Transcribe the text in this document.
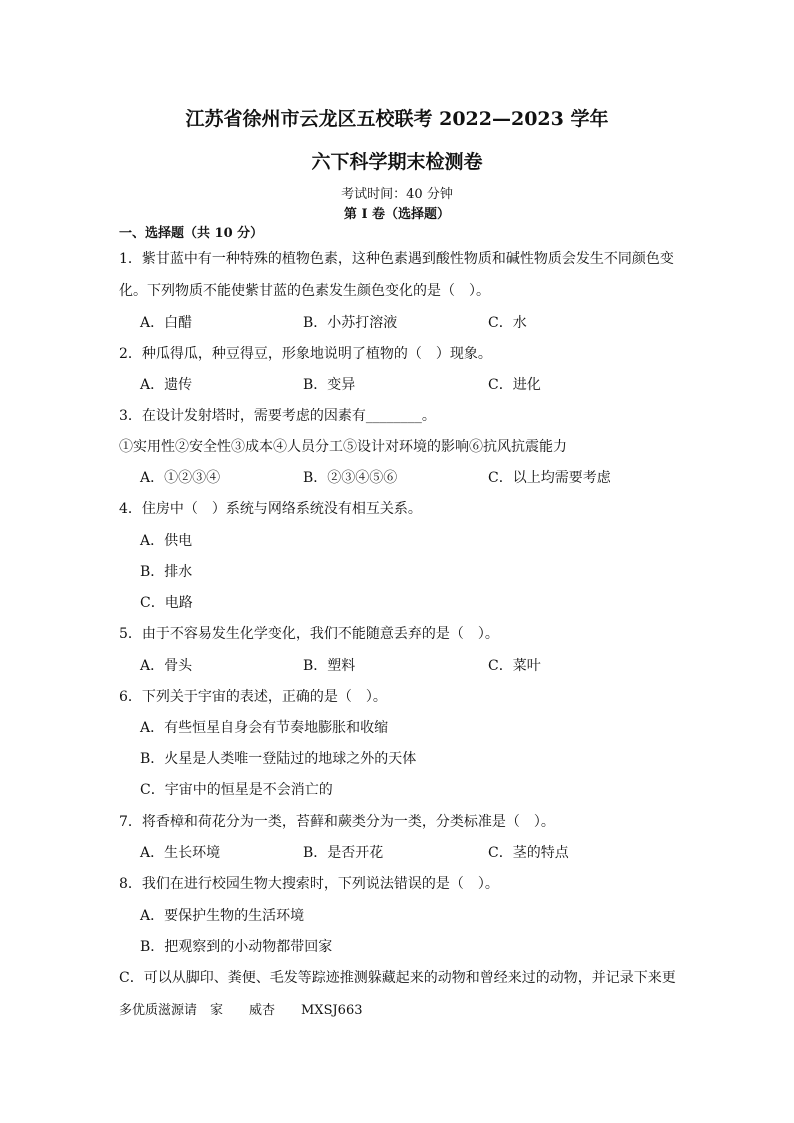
江苏省徐州市云龙区五校联考 2022—2023 学年
六下科学期末检测卷
考试时间：40 分钟
第 I 卷（选择题）
一、选择题（共 10 分）
1．紫甘蓝中有一种特殊的植物色素，这种色素遇到酸性物质和碱性物质会发生不同颜色变
化。下列物质不能使紫甘蓝的色素发生颜色变化的是（　）。
A．白醋	B．小苏打溶液	C．水
2．种瓜得瓜，种豆得豆，形象地说明了植物的（　）现象。
A．遗传	B．变异	C．进化
3．在设计发射塔时，需要考虑的因素有________。
①实用性②安全性③成本④人员分工⑤设计对环境的影响⑥抗风抗震能力
A．①②③④	B．②③④⑤⑥	C．以上均需要考虑
4．住房中（　）系统与网络系统没有相互关系。
A．供电
B．排水
C．电路
5．由于不容易发生化学变化，我们不能随意丢弃的是（　）。
A．骨头	B．塑料	C．菜叶
6．下列关于宇宙的表述，正确的是（　）。
A．有些恒星自身会有节奏地膨胀和收缩
B．火星是人类唯一登陆过的地球之外的天体
C．宇宙中的恒星是不会消亡的
7．将香樟和荷花分为一类，苔藓和蕨类分为一类，分类标准是（　）。
A．生长环境	B．是否开花	C．茎的特点
8．我们在进行校园生物大搜索时，下列说法错误的是（　）。
A．要保护生物的生活环境
B．把观察到的小动物都带回家
C．可以从脚印、粪便、毛发等踪迹推测躲藏起来的动物和曾经来过的动物，并记录下来更
多优质滋源请　家　　威杏　　MXSJ663
